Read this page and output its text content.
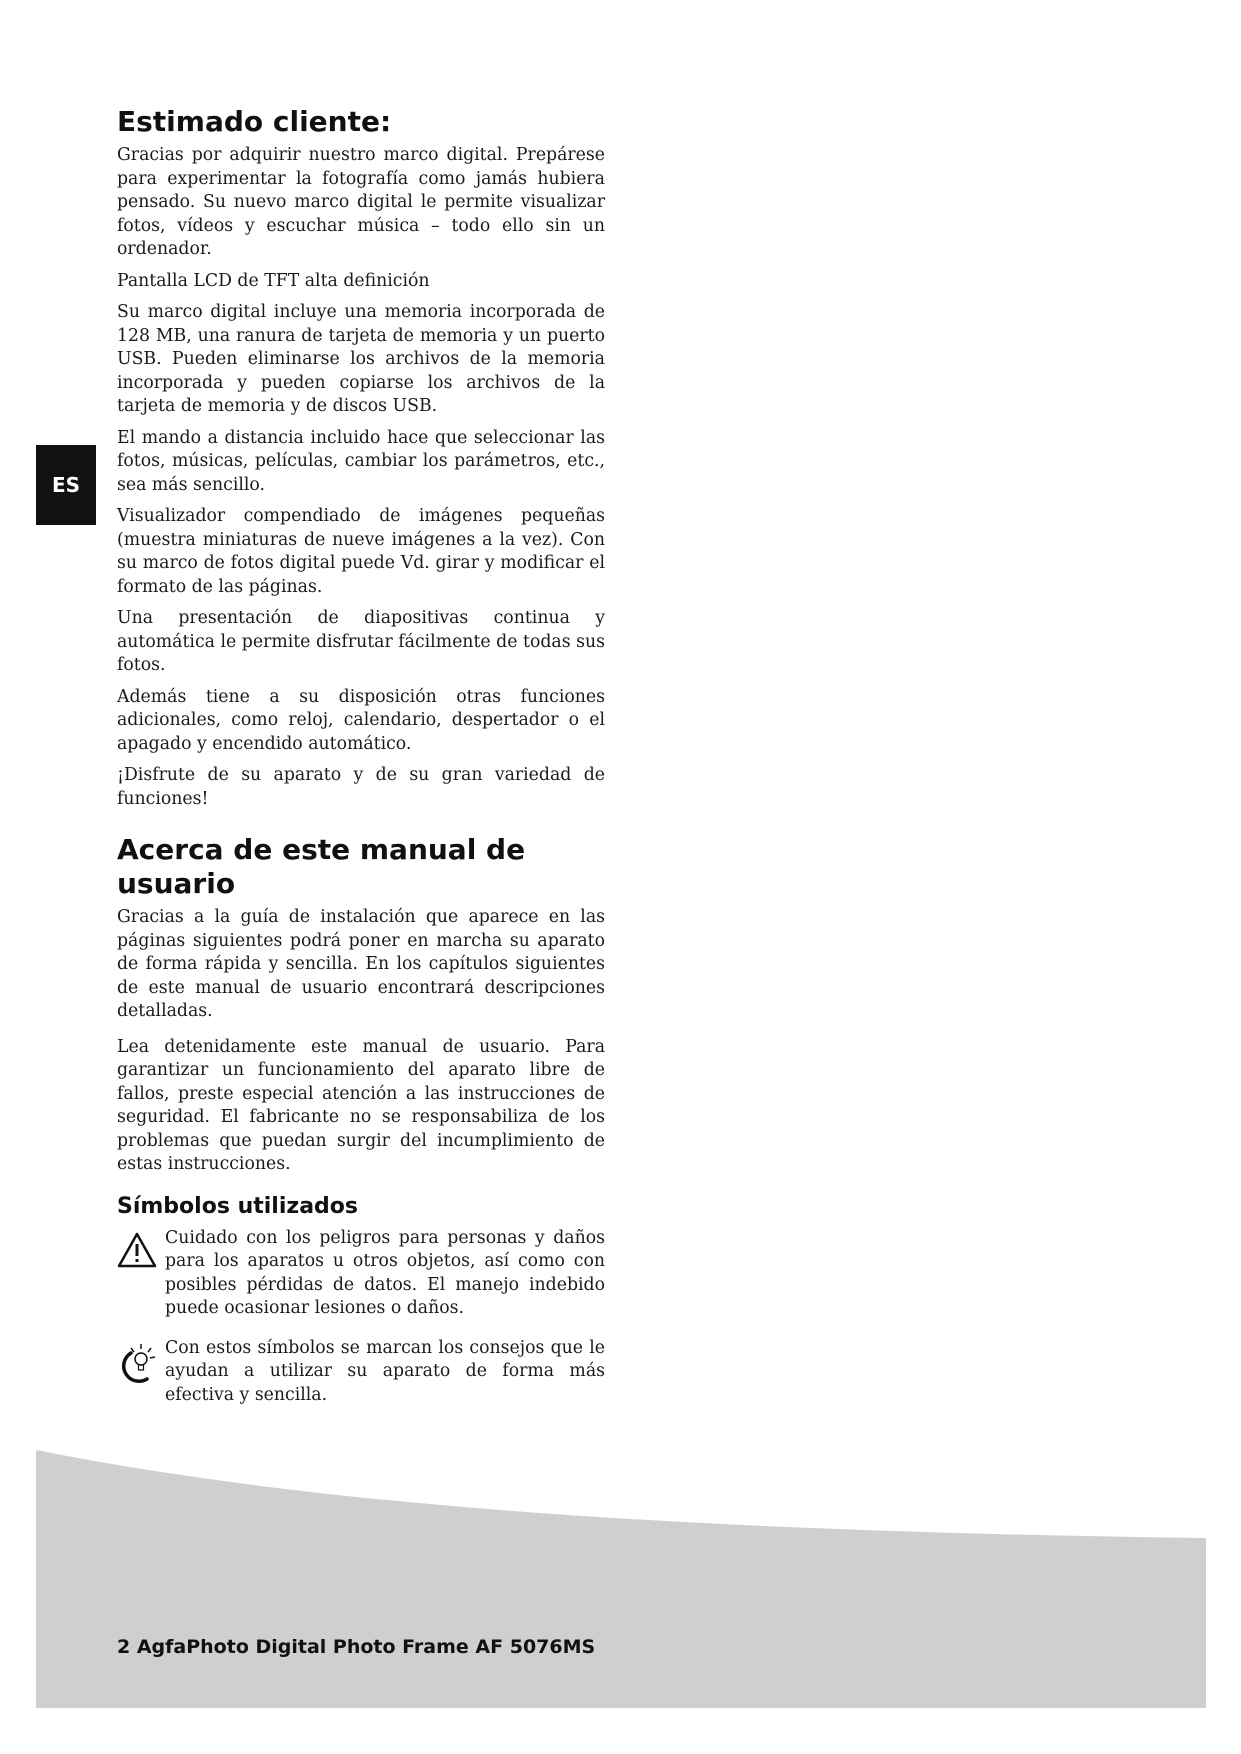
ES
Estimado cliente:

Gracias por adquirir nuestro marco digital. Prepárese para experimentar la fotografía como jamás hubiera pensado. Su nuevo marco digital le permite visualizar fotos, vídeos y escuchar música – todo ello sin un ordenador.

Pantalla LCD de TFT alta definición

Su marco digital incluye una memoria incorporada de 128 MB, una ranura de tarjeta de memoria y un puerto USB. Pueden eliminarse los archivos de la memoria incorporada y pueden copiarse los archivos de la tarjeta de memoria y de discos USB.

El mando a distancia incluido hace que seleccionar las fotos, músicas, películas, cambiar los parámetros, etc., sea más sencillo.

Visualizador compendiado de imágenes pequeñas (muestra miniaturas de nueve imágenes a la vez). Con su marco de fotos digital puede Vd. girar y modificar el formato de las páginas.

Una presentación de diapositivas continua y automática le permite disfrutar fácilmente de todas sus fotos.

Además tiene a su disposición otras funciones adicionales, como reloj, calendario, despertador o el apagado y encendido automático.

¡Disfrute de su aparato y de su gran variedad de funciones!

Acerca de este manual de usuario

Gracias a la guía de instalación que aparece en las páginas siguientes podrá poner en marcha su aparato de forma rápida y sencilla. En los capítulos siguientes de este manual de usuario encontrará descripciones detalladas.

Lea detenidamente este manual de usuario. Para garantizar un funcionamiento del aparato libre de fallos, preste especial atención a las instrucciones de seguridad. El fabricante no se responsabiliza de los problemas que puedan surgir del incumplimiento de estas instrucciones.

Símbolos utilizados
Cuidado con los peligros para personas y daños para los aparatos u otros objetos, así como con posibles pérdidas de datos. El manejo indebido puede ocasionar lesiones o daños.
Con estos símbolos se marcan los consejos que le ayudan a utilizar su aparato de forma más efectiva y sencilla.
2 AgfaPhoto Digital Photo Frame AF 5076MS
